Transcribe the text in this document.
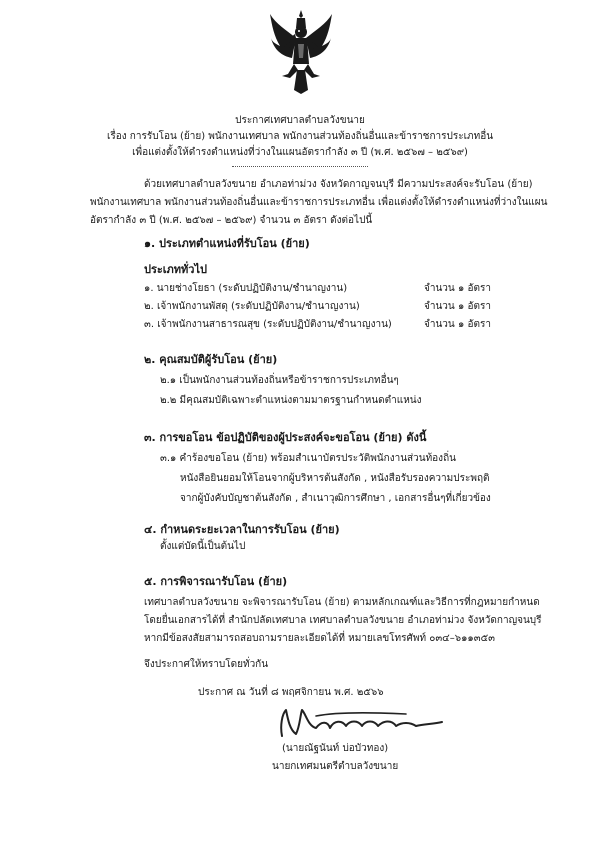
ประกาศเทศบาลตำบลวังขนาย
เรื่อง การรับโอน (ย้าย) พนักงานเทศบาล พนักงานส่วนท้องถิ่นอื่นและข้าราชการประเภทอื่น
เพื่อแต่งตั้งให้ดำรงตำแหน่งที่ว่างในแผนอัตรากำลัง ๓ ปี (พ.ศ. ๒๕๖๗ – ๒๕๖๙)
ด้วยเทศบาลตำบลวังขนาย อำเภอท่าม่วง จังหวัดกาญจนบุรี มีความประสงค์จะรับโอน (ย้าย)
พนักงานเทศบาล พนักงานส่วนท้องถิ่นอื่นและข้าราชการประเภทอื่น เพื่อแต่งตั้งให้ดำรงตำแหน่งที่ว่างในแผน
อัตรากำลัง ๓ ปี (พ.ศ. ๒๕๖๗ – ๒๕๖๙) จำนวน ๓ อัตรา ดังต่อไปนี้
๑. ประเภทตำแหน่งที่รับโอน (ย้าย)
ประเภททั่วไป
๑. นายช่างโยธา (ระดับปฏิบัติงาน/ชำนาญงาน)	จำนวน ๑ อัตรา
๒. เจ้าพนักงานพัสดุ (ระดับปฏิบัติงาน/ชำนาญงาน)	จำนวน ๑ อัตรา
๓. เจ้าพนักงานสาธารณสุข (ระดับปฏิบัติงาน/ชำนาญงาน)	จำนวน ๑ อัตรา
๒. คุณสมบัติผู้รับโอน (ย้าย)
๒.๑ เป็นพนักงานส่วนท้องถิ่นหรือข้าราชการประเภทอื่นๆ
๒.๒ มีคุณสมบัติเฉพาะตำแหน่งตามมาตรฐานกำหนดตำแหน่ง
๓. การขอโอน ข้อปฏิบัติของผู้ประสงค์จะขอโอน (ย้าย) ดังนี้
๓.๑ คำร้องขอโอน (ย้าย) พร้อมสำเนาบัตรประวัติพนักงานส่วนท้องถิ่น
หนังสือยินยอมให้โอนจากผู้บริหารต้นสังกัด , หนังสือรับรองความประพฤติ
จากผู้บังคับบัญชาต้นสังกัด , สำเนาวุฒิการศึกษา , เอกสารอื่นๆที่เกี่ยวข้อง
๔. กำหนดระยะเวลาในการรับโอน (ย้าย)
ตั้งแต่บัดนี้เป็นต้นไป
๕. การพิจารณารับโอน (ย้าย)
เทศบาลตำบลวังขนาย จะพิจารณารับโอน (ย้าย) ตามหลักเกณฑ์และวิธีการที่กฎหมายกำหนด
โดยยื่นเอกสารได้ที่ สำนักปลัดเทศบาล เทศบาลตำบลวังขนาย อำเภอท่าม่วง จังหวัดกาญจนบุรี
หากมีข้อสงสัยสามารถสอบถามรายละเอียดได้ที่ หมายเลขโทรศัพท์ ๐๓๔–๖๑๑๓๕๓
จึงประกาศให้ทราบโดยทั่วกัน
ประกาศ ณ วันที่ ๘ พฤศจิกายน พ.ศ. ๒๕๖๖
(นายณัฐนันท์ บ่อบัวทอง)
นายกเทศมนตรีตำบลวังขนาย
